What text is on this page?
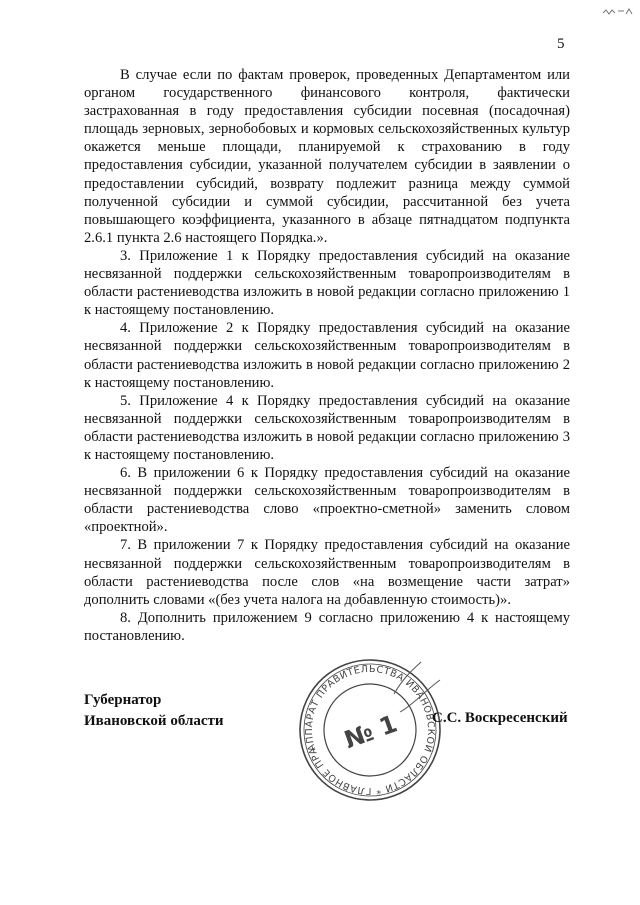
5

В случае если по фактам проверок, проведенных Департаментом или органом государственного финансового контроля, фактически застрахованная в году предоставления субсидии посевная (посадочная) площадь зерновых, зернобобовых и кормовых сельскохозяйственных культур окажется меньше площади, планируемой к страхованию в году предоставления субсидии, указанной получателем субсидии в заявлении о предоставлении субсидий, возврату подлежит разница между суммой полученной субсидии и суммой субсидии, рассчитанной без учета повышающего коэффициента, указанного в абзаце пятнадцатом подпункта 2.6.1 пункта 2.6 настоящего Порядка.».

3. Приложение 1 к Порядку предоставления субсидий на оказание несвязанной поддержки сельскохозяйственным товаропроизводителям в области растениеводства изложить в новой редакции согласно приложению 1 к настоящему постановлению.

4. Приложение 2 к Порядку предоставления субсидий на оказание несвязанной поддержки сельскохозяйственным товаропроизводителям в области растениеводства изложить в новой редакции согласно приложению 2 к настоящему постановлению.

5. Приложение 4 к Порядку предоставления субсидий на оказание несвязанной поддержки сельскохозяйственным товаропроизводителям в области растениеводства изложить в новой редакции согласно приложению 3 к настоящему постановлению.

6. В приложении 6 к Порядку предоставления субсидий на оказание несвязанной поддержки сельскохозяйственным товаропроизводителям в области растениеводства слово «проектно-сметной» заменить словом «проектной».

7. В приложении 7 к Порядку предоставления субсидий на оказание несвязанной поддержки сельскохозяйственным товаропроизводителям в области растениеводства после слов «на возмещение части затрат» дополнить словами «(без учета налога на добавленную стоимость)».

8. Дополнить приложением 9 согласно приложению 4 к настоящему постановлению.

Губернатор
Ивановской области
АППАРАТ ПРАВИТЕЛЬСТВА ИВАНОВСКОЙ ОБЛАСТИ * ГЛАВНОЕ ПРАВОВОЕ
№ 1 С.С. Воскресенский
